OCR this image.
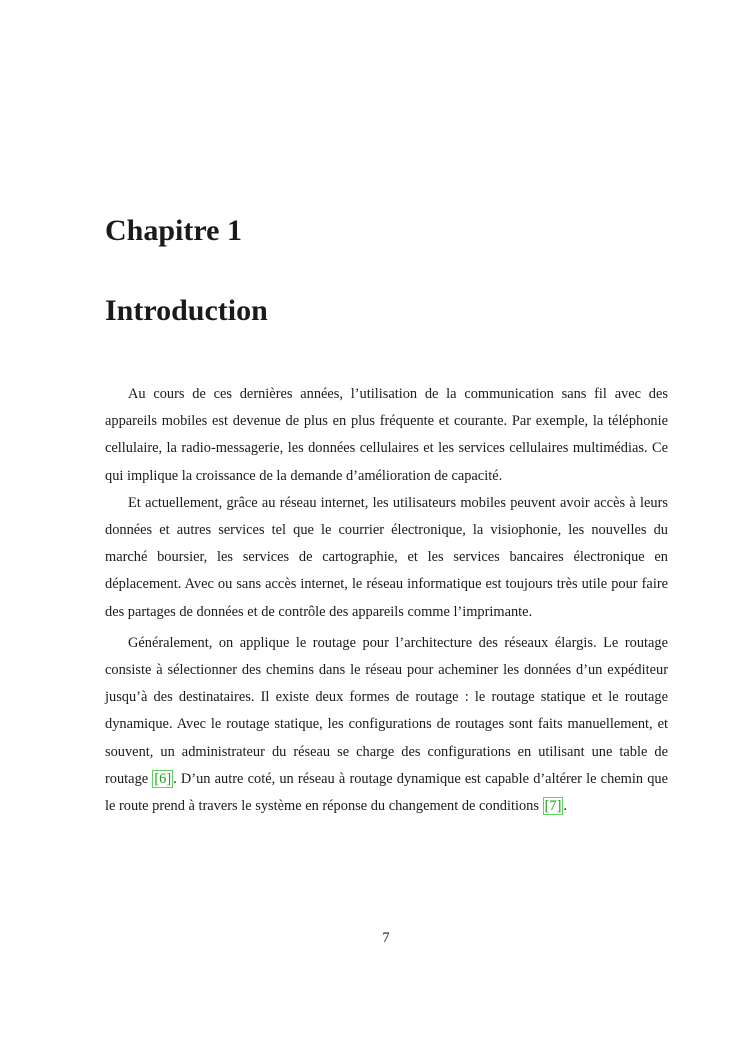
Chapitre 1
Introduction

Au cours de ces dernières années, l’utilisation de la communication sans fil avec des appareils mobiles est devenue de plus en plus fréquente et courante. Par exemple, la téléphonie cellulaire, la radio-messagerie, les données cellulaires et les services cellulaires multimédias. Ce qui implique la croissance de la demande d’amélioration de capacité.

Et actuellement, grâce au réseau internet, les utilisateurs mobiles peuvent avoir accès à leurs données et autres services tel que le courrier électronique, la visiophonie, les nouvelles du marché boursier, les services de cartographie, et les services bancaires électronique en déplacement. Avec ou sans accès internet, le réseau informatique est toujours très utile pour faire des partages de données et de contrôle des appareils comme l’imprimante.

Généralement, on applique le routage pour l’architecture des réseaux élargis. Le routage consiste à sélectionner des chemins dans le réseau pour acheminer les données d’un expéditeur jusqu’à des destinataires. Il existe deux formes de routage : le routage statique et le routage dynamique. Avec le routage statique, les configurations de routages sont faits manuellement, et souvent, un administrateur du réseau se charge des configurations en utilisant une table de routage [6] . D’un autre coté, un réseau à routage dynamique est capable d’altérer le chemin que le route prend à travers le système en réponse du changement de conditions [7] .

7
